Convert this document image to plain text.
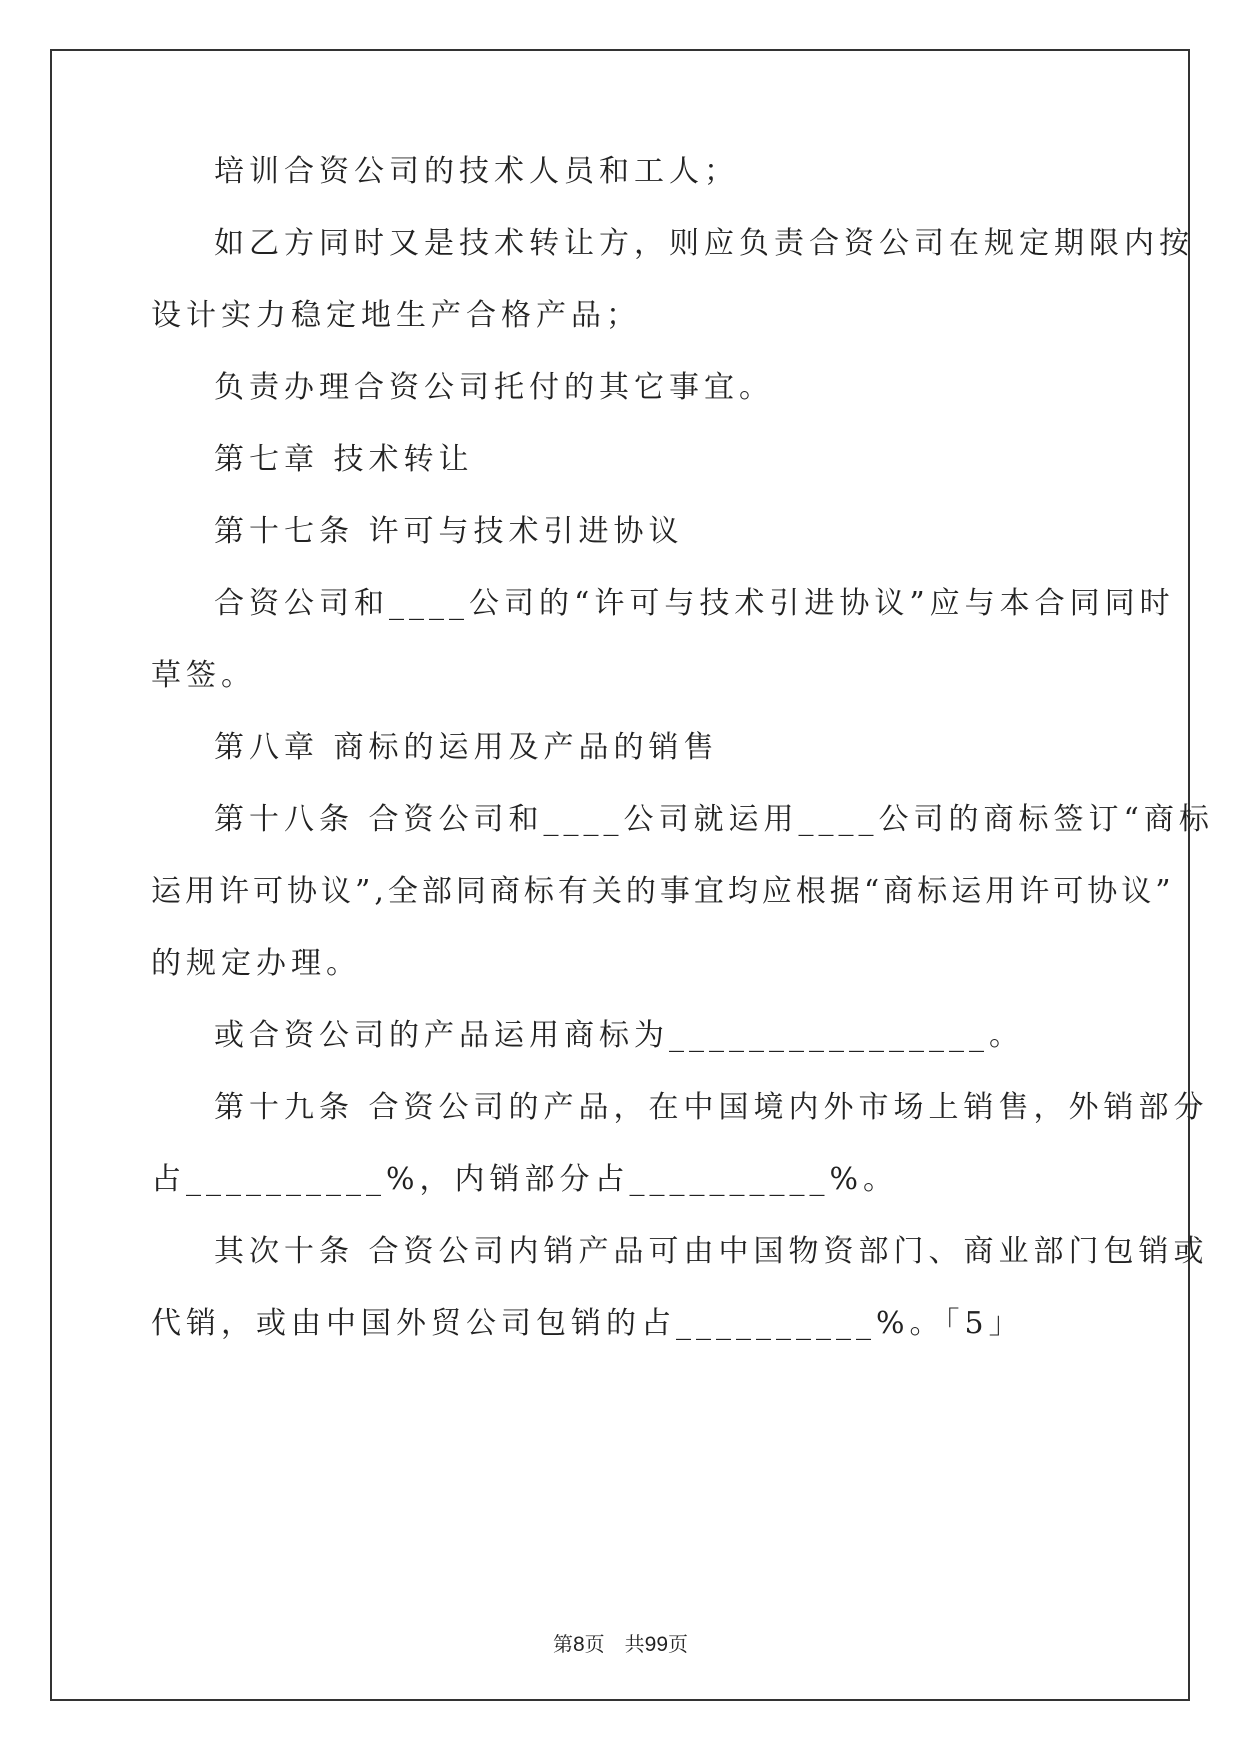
培训合资公司的技术人员和工人；
如乙方同时又是技术转让方，则应负责合资公司在规定期限内按
设计实力稳定地生产合格产品；
负责办理合资公司托付的其它事宜。
第七章 技术转让
第十七条 许可与技术引进协议
合资公司和____公司的“许可与技术引进协议”应与本合同同时
草签。
第八章 商标的运用及产品的销售
第十八条 合资公司和____公司就运用____公司的商标签订“商标
运用许可协议”,全部同商标有关的事宜均应根据“商标运用许可协议”
的规定办理。
或合资公司的产品运用商标为________________。
第十九条 合资公司的产品，在中国境内外市场上销售，外销部分
占__________%，内销部分占__________%。
其次十条 合资公司内销产品可由中国物资部门、商业部门包销或
代销，或由中国外贸公司包销的占__________%。「5」
第8页　共99页
